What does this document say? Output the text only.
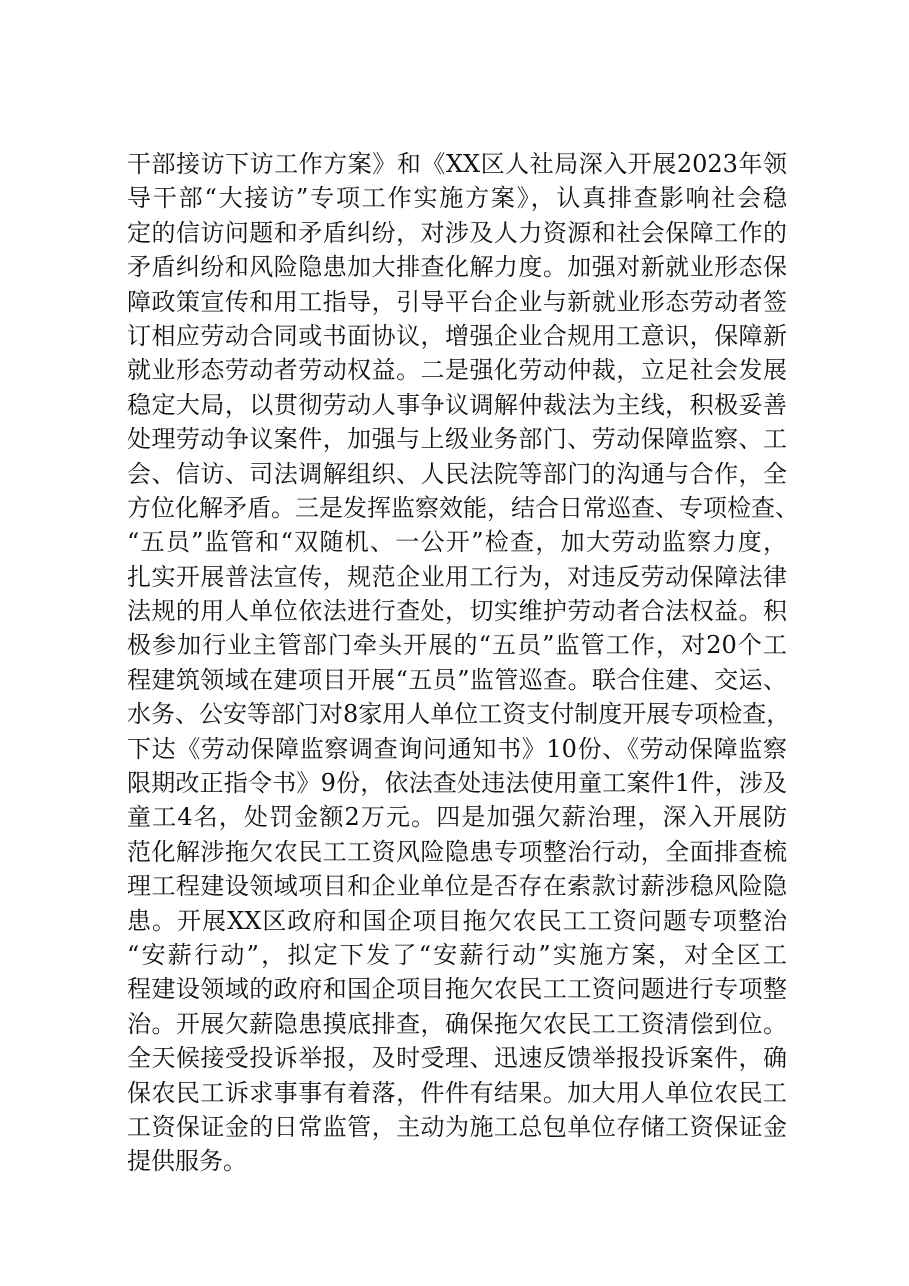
干部接访下访工作方案》和《XX区人社局深入开展2023年领
导干部“大接访”专项工作实施方案》，认真排查影响社会稳
定的信访问题和矛盾纠纷，对涉及人力资源和社会保障工作的
矛盾纠纷和风险隐患加大排查化解力度。加强对新就业形态保
障政策宣传和用工指导，引导平台企业与新就业形态劳动者签
订相应劳动合同或书面协议，增强企业合规用工意识，保障新
就业形态劳动者劳动权益。二是强化劳动仲裁，立足社会发展
稳定大局，以贯彻劳动人事争议调解仲裁法为主线，积极妥善
处理劳动争议案件，加强与上级业务部门、劳动保障监察、工
会、信访、司法调解组织、人民法院等部门的沟通与合作，全
方位化解矛盾。三是发挥监察效能，结合日常巡查、专项检查、
“五员”监管和“双随机、一公开”检查，加大劳动监察力度，
扎实开展普法宣传，规范企业用工行为，对违反劳动保障法律
法规的用人单位依法进行查处，切实维护劳动者合法权益。积
极参加行业主管部门牵头开展的“五员”监管工作，对20个工
程建筑领域在建项目开展“五员”监管巡查。联合住建、交运、
水务、公安等部门对8家用人单位工资支付制度开展专项检查，
下达《劳动保障监察调查询问通知书》10份、《劳动保障监察
限期改正指令书》9份，依法查处违法使用童工案件1件，涉及
童工4名，处罚金额2万元。四是加强欠薪治理，深入开展防
范化解涉拖欠农民工工资风险隐患专项整治行动，全面排查梳
理工程建设领域项目和企业单位是否存在索款讨薪涉稳风险隐
患。开展XX区政府和国企项目拖欠农民工工资问题专项整治
“安薪行动”，拟定下发了“安薪行动”实施方案，对全区工
程建设领域的政府和国企项目拖欠农民工工资问题进行专项整
治。开展欠薪隐患摸底排查，确保拖欠农民工工资清偿到位。
全天候接受投诉举报，及时受理、迅速反馈举报投诉案件，确
保农民工诉求事事有着落，件件有结果。加大用人单位农民工
工资保证金的日常监管，主动为施工总包单位存储工资保证金
提供服务。
